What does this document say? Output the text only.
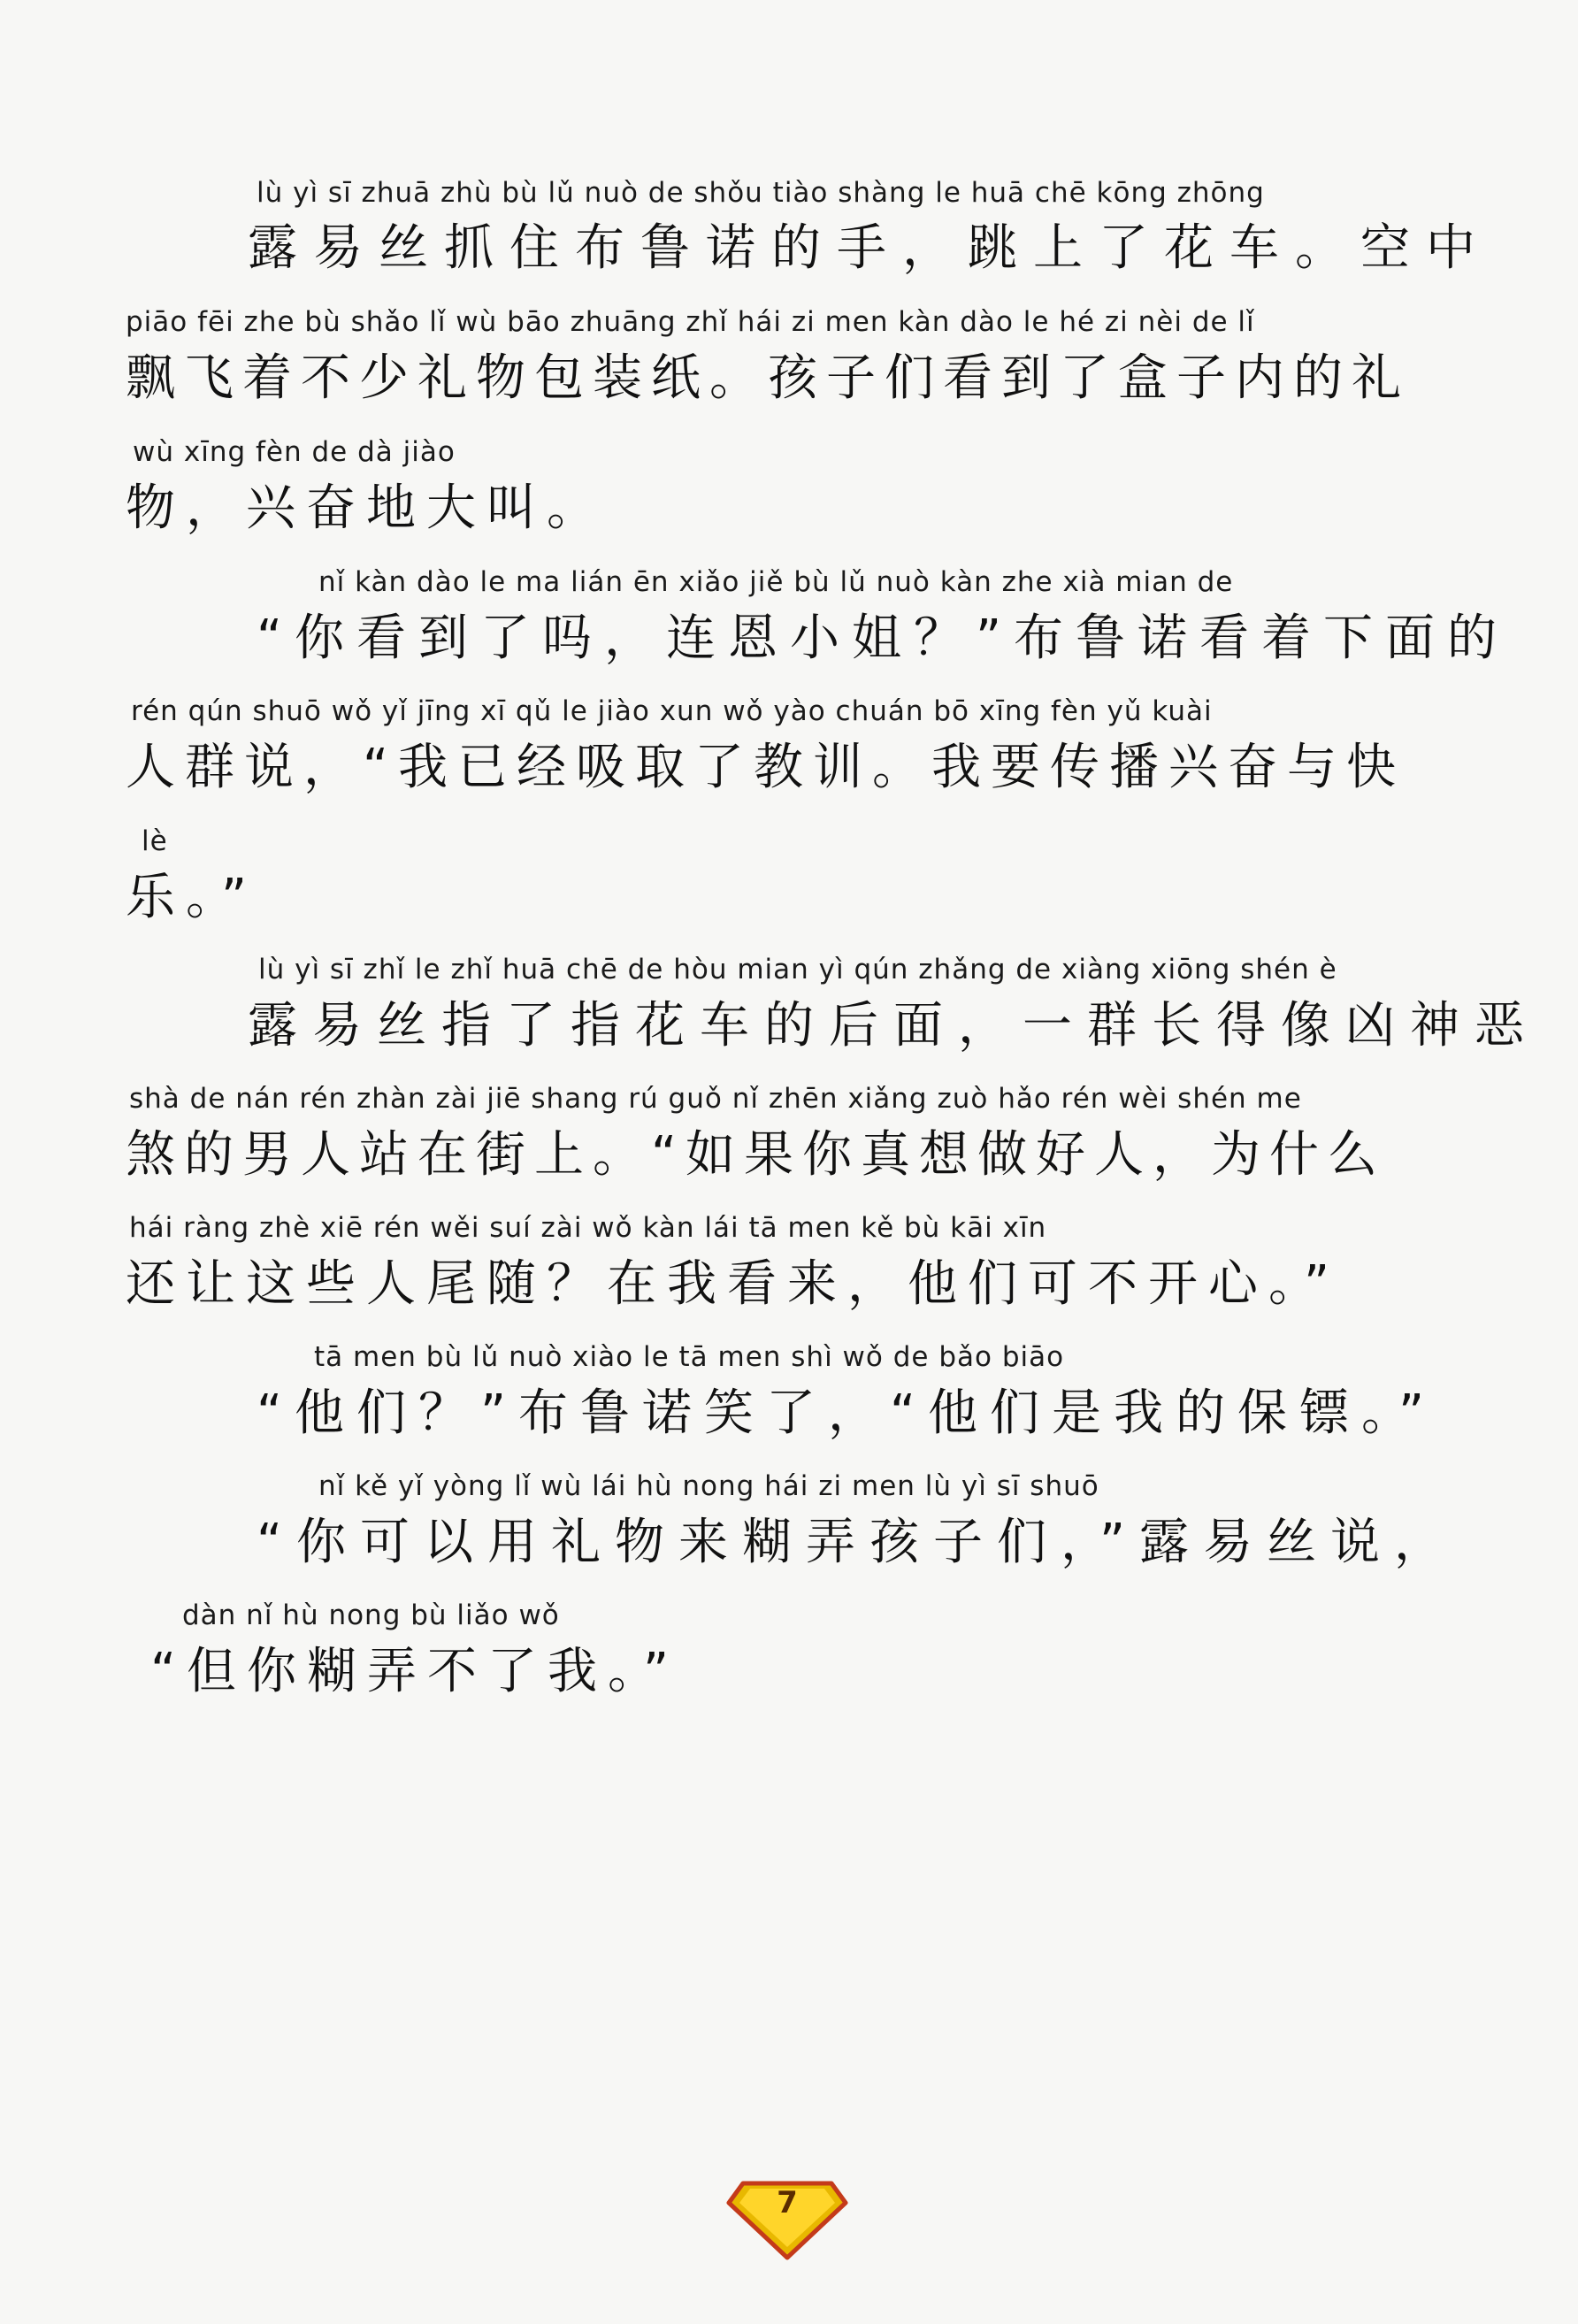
lù yì sī zhuā zhù bù lǔ nuò de shǒu tiào shàng le huā chē kōng zhōng
露易丝抓住布鲁诺的手，跳上了花车。空中
piāo fēi zhe bù shǎo lǐ wù bāo zhuāng zhǐ hái zi men kàn dào le hé zi nèi de lǐ
飘飞着不少礼物包装纸。孩子们看到了盒子内的礼
wù xīng fèn de dà jiào
物，兴奋地大叫。
nǐ kàn dào le ma lián ēn xiǎo jiě bù lǔ nuò kàn zhe xià mian de
“你看到了吗，连恩小姐？”布鲁诺看着下面的
rén qún shuō wǒ yǐ jīng xī qǔ le jiào xun wǒ yào chuán bō xīng fèn yǔ kuài
人群说，“我已经吸取了教训。我要传播兴奋与快
lè
乐。”
lù yì sī zhǐ le zhǐ huā chē de hòu mian yì qún zhǎng de xiàng xiōng shén è
露易丝指了指花车的后面，一群长得像凶神恶
shà de nán rén zhàn zài jiē shang rú guǒ nǐ zhēn xiǎng zuò hǎo rén wèi shén me
煞的男人站在街上。“如果你真想做好人，为什么
hái ràng zhè xiē rén wěi suí zài wǒ kàn lái tā men kě bù kāi xīn
还让这些人尾随？在我看来，他们可不开心。”
tā men bù lǔ nuò xiào le tā men shì wǒ de bǎo biāo
“他们？”布鲁诺笑了，“他们是我的保镖。”
nǐ kě yǐ yòng lǐ wù lái hù nong hái zi men lù yì sī shuō
“你可以用礼物来糊弄孩子们，”露易丝说，
dàn nǐ hù nong bù liǎo wǒ
“但你糊弄不了我。”
7
